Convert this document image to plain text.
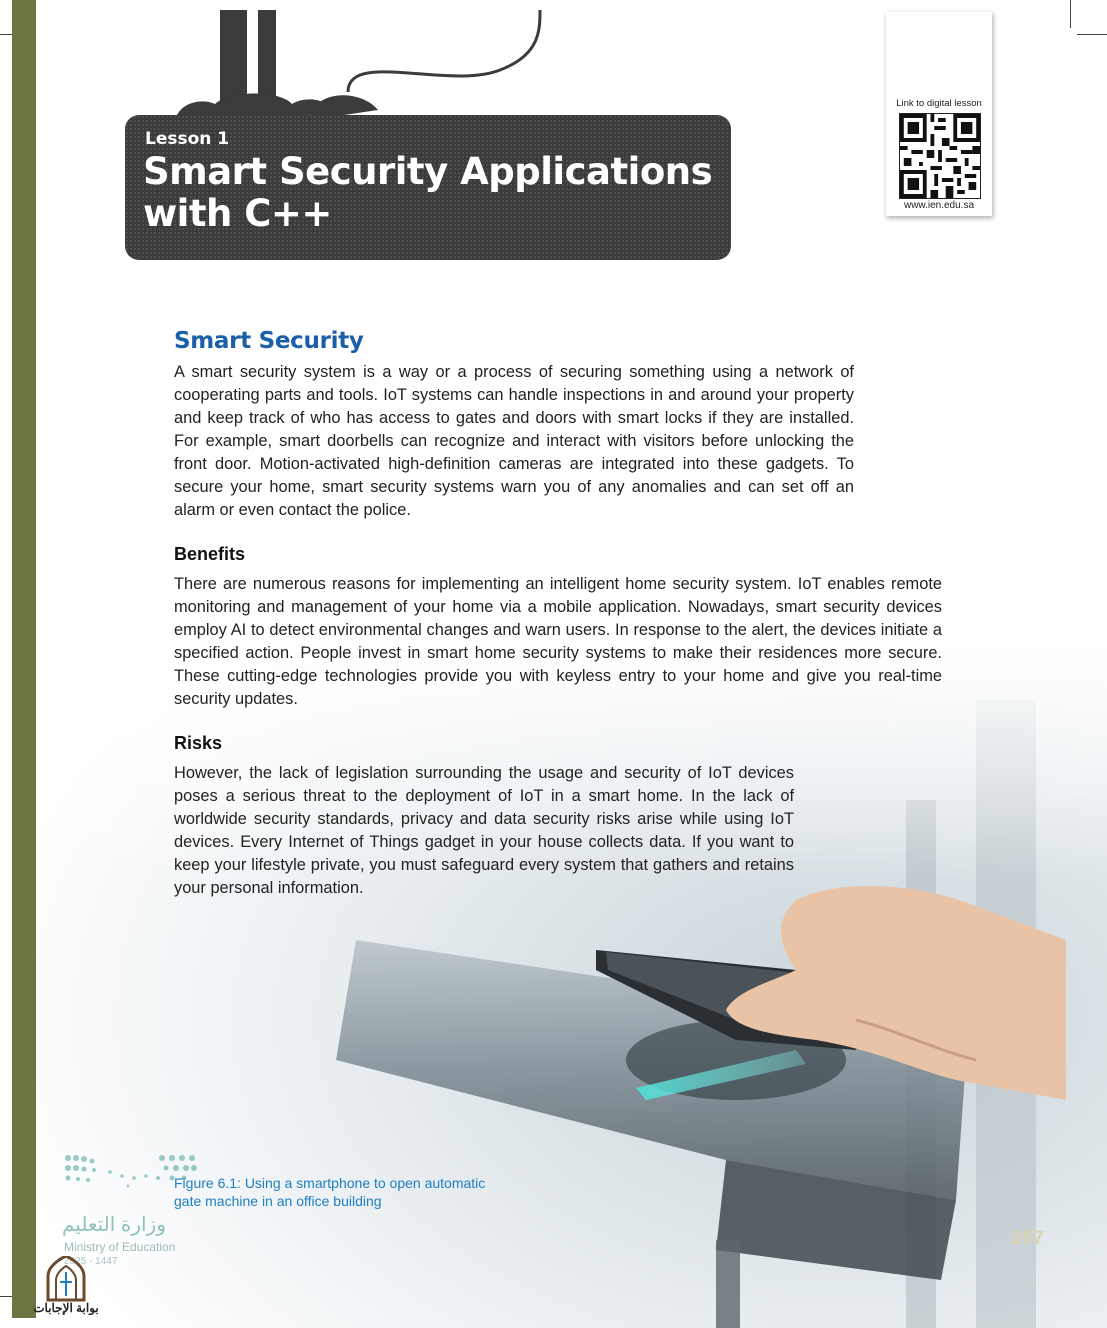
Lesson 1
Smart Security Applications with C++
Link to digital lesson
www.ien.edu.sa
Smart Security

A smart security system is a way or a process of securing something using a network of cooperating parts and tools. IoT systems can handle inspections in and around your property and keep track of who has access to gates and doors with smart locks if they are installed. For example, smart doorbells can recognize and interact with visitors before unlocking the front door. Motion-activated high-definition cameras are integrated into these gadgets. To secure your home, smart security systems warn you of any anomalies and can set off an alarm or even contact the police.

Benefits

There are numerous reasons for implementing an intelligent home security system. IoT enables remote monitoring and management of your home via a mobile application. Nowadays, smart security devices employ AI to detect environmental changes and warn users. In response to the alert, the devices initiate a specified action. People invest in smart home security systems to make their residences more secure. These cutting-edge technologies provide you with keyless entry to your home and give you real-time security updates.

Risks

However, the lack of legislation surrounding the usage and security of IoT devices poses a serious threat to the deployment of IoT in a smart home. In the lack of worldwide security standards, privacy and data security risks arise while using IoT devices. Every Internet of Things gadget in your house collects data. If you want to keep your lifestyle private, you must safeguard every system that gathers and retains your personal information.

وزارة التعليم
Ministry of Education
2025 - 1447
Figure 6.1: Using a smartphone to open automatic gate machine in an office building
207
بوابة الإجابات
